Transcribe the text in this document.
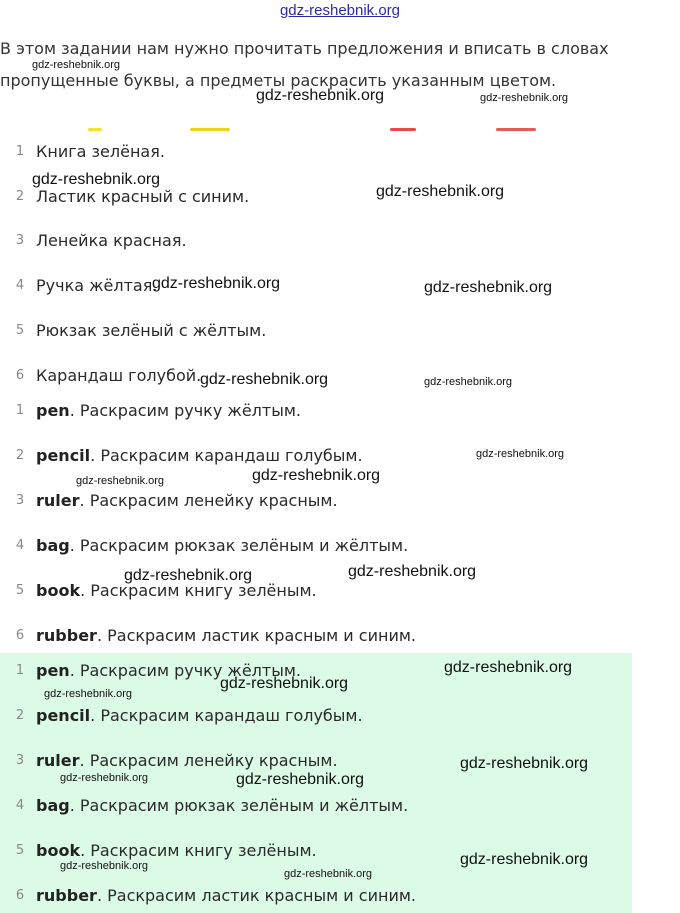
gdz-reshebnik.org
В этом задании нам нужно прочитать предложения и вписать в словах пропущенные буквы, а предметы раскрасить указанным цветом.
1 Книга зелёная.
2 Ластик красный с синим.
3 Ленейка красная.
4 Ручка жёлтая.
5 Рюкзак зелёный с жёлтым.
6 Карандаш голубой.
1 pen. Раскрасим ручку жёлтым.
2 pencil. Раскрасим карандаш голубым.
3 ruler. Раскрасим ленейку красным.
4 bag. Раскрасим рюкзак зелёным и жёлтым.
5 book. Раскрасим книгу зелёным.
6 rubber. Раскрасим ластик красным и синим.
1 pen. Раскрасим ручку жёлтым.
2 pencil. Раскрасим карандаш голубым.
3 ruler. Раскрасим ленейку красным.
4 bag. Раскрасим рюкзак зелёным и жёлтым.
5 book. Раскрасим книгу зелёным.
6 rubber. Раскрасим ластик красным и синим.
gdz-reshebnik.org
gdz-reshebnik.org	gdz-reshebnik.org
gdz-reshebnik.org
gdz-reshebnik.org
gdz-reshebnik.org	gdz-reshebnik.org
gdz-reshebnik.org	gdz-reshebnik.org
gdz-reshebnik.org
gdz-reshebnik.org
gdz-reshebnik.org
gdz-reshebnik.org
gdz-reshebnik.org
gdz-reshebnik.org
gdz-reshebnik.org
gdz-reshebnik.org
gdz-reshebnik.org
gdz-reshebnik.org	gdz-reshebnik.org
gdz-reshebnik.org
gdz-reshebnik.org
gdz-reshebnik.org
